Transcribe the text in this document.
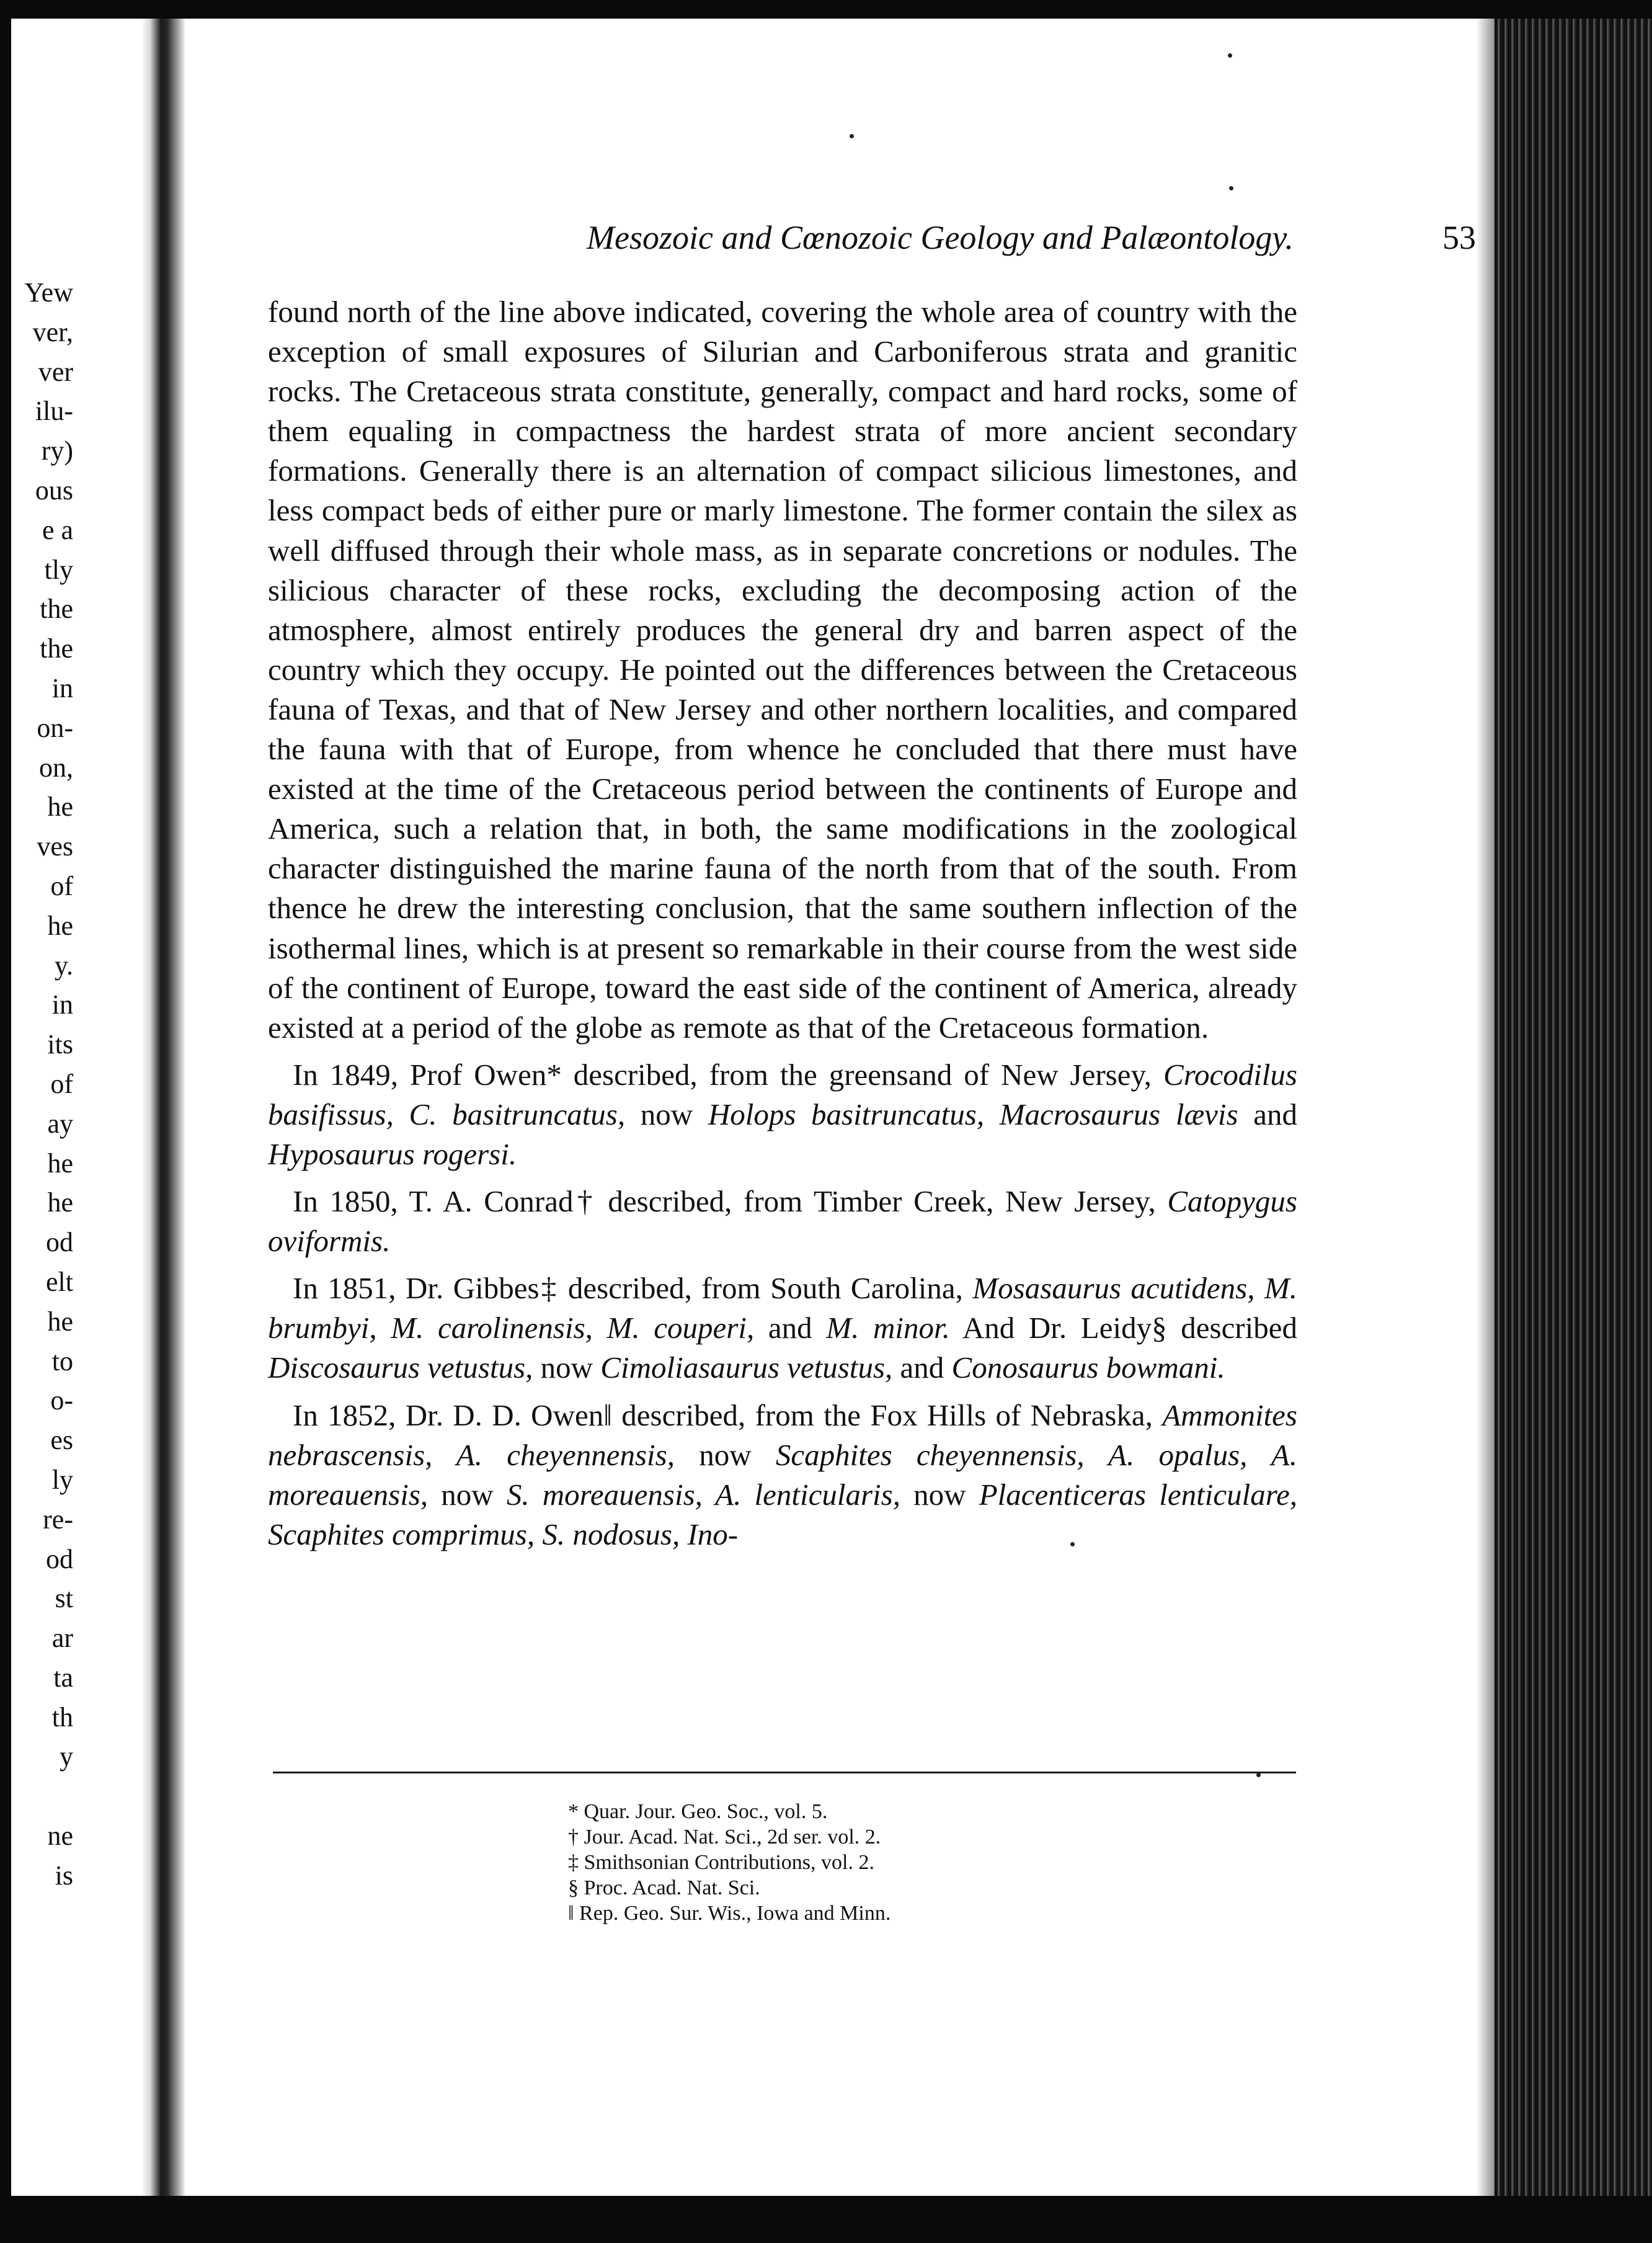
Yew
ver,
ver
ilu-
ry)
ous
e a
tly
the
the
in
on-
on,
he
ves
of
he
y.
in
its
of
ay
he
he
od
elt
he
to
o-
es
ly
re-
od
st
ar
ta
th
y
ne
is
Mesozoic and Cœnozoic Geology and Palæontology.	53

found north of the line above indicated, covering the whole area of country with the exception of small exposures of Silurian and Carboniferous strata and granitic rocks. The Cretaceous strata constitute, generally, compact and hard rocks, some of them equaling in compactness the hardest strata of more ancient secondary formations. Generally there is an alternation of compact silicious limestones, and less compact beds of either pure or marly limestone. The former contain the silex as well diffused through their whole mass, as in separate concretions or nodules. The silicious character of these rocks, excluding the decomposing action of the atmosphere, almost entirely produces the general dry and barren aspect of the country which they occupy. He pointed out the differences between the Cretaceous fauna of Texas, and that of New Jersey and other northern localities, and compared the fauna with that of Europe, from whence he concluded that there must have existed at the time of the Cretaceous period between the continents of Europe and America, such a relation that, in both, the same modifications in the zoological character distinguished the marine fauna of the north from that of the south. From thence he drew the interesting conclusion, that the same southern inflection of the isothermal lines, which is at present so remarkable in their course from the west side of the continent of Europe, toward the east side of the continent of America, already existed at a period of the globe as remote as that of the Cretaceous formation.

In 1849, Prof Owen* described, from the greensand of New Jersey, Crocodilus basifissus, C. basitruncatus, now Holops basitruncatus, Macrosaurus lævis and Hyposaurus rogersi.

In 1850, T. A. Conrad† described, from Timber Creek, New Jersey, Catopygus oviformis.

In 1851, Dr. Gibbes‡ described, from South Carolina, Mosasaurus acutidens, M. brumbyi, M. carolinensis, M. couperi, and M. minor. And Dr. Leidy§ described Discosaurus vetustus, now Cimoliasaurus vetustus, and Conosaurus bowmani.

In 1852, Dr. D. D. Owen‖ described, from the Fox Hills of Nebraska, Ammonites nebrascensis, A. cheyennensis, now Scaphites cheyennensis, A. opalus, A. moreauensis, now S. moreauensis, A. lenticularis, now Placenticeras lenticulare, Scaphites comprimus, S. nodosus, Ino-

* Quar. Jour. Geo. Soc., vol. 5.
† Jour. Acad. Nat. Sci., 2d ser. vol. 2.
‡ Smithsonian Contributions, vol. 2.
§ Proc. Acad. Nat. Sci.
‖ Rep. Geo. Sur. Wis., Iowa and Minn.
